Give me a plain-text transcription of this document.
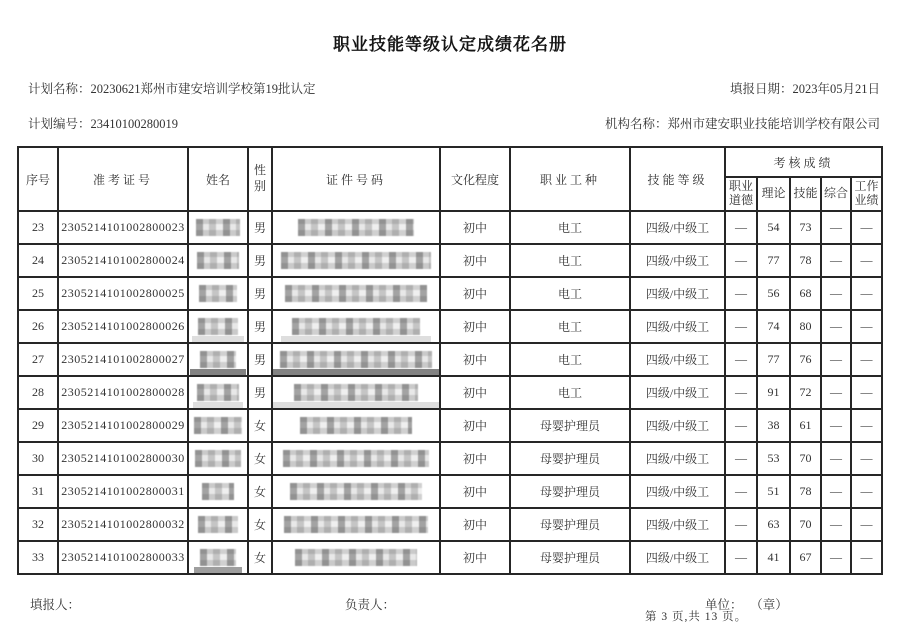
职业技能等级认定成绩花名册
计划名称：20230621郑州市建安培训学校第19批认定	填报日期：2023年05月21日
计划编号：23410100280019	机构名称：郑州市建安职业技能培训学校有限公司
序号	准考证号	姓名	性别	证件号码	文化程度	职业工种	技能等级	考核成绩				
								职业道德	理论	技能	综合	工作业绩
23	2305214101002800023		男		初中	电工	四级/中级工	—	54	73	—	—
24	2305214101002800024		男		初中	电工	四级/中级工	—	77	78	—	—
25	2305214101002800025		男		初中	电工	四级/中级工	—	56	68	—	—
26	2305214101002800026		男		初中	电工	四级/中级工	—	74	80	—	—
27	2305214101002800027		男		初中	电工	四级/中级工	—	77	76	—	—
28	2305214101002800028		男		初中	电工	四级/中级工	—	91	72	—	—
29	2305214101002800029		女		初中	母婴护理员	四级/中级工	—	38	61	—	—
30	2305214101002800030		女		初中	母婴护理员	四级/中级工	—	53	70	—	—
31	2305214101002800031		女		初中	母婴护理员	四级/中级工	—	51	78	—	—
32	2305214101002800032		女		初中	母婴护理员	四级/中级工	—	63	70	—	—
33	2305214101002800033		女		初中	母婴护理员	四级/中级工	—	41	67	—	—
填报人：	负责人：	单位： （章）
第 3 页,共 13 页。
